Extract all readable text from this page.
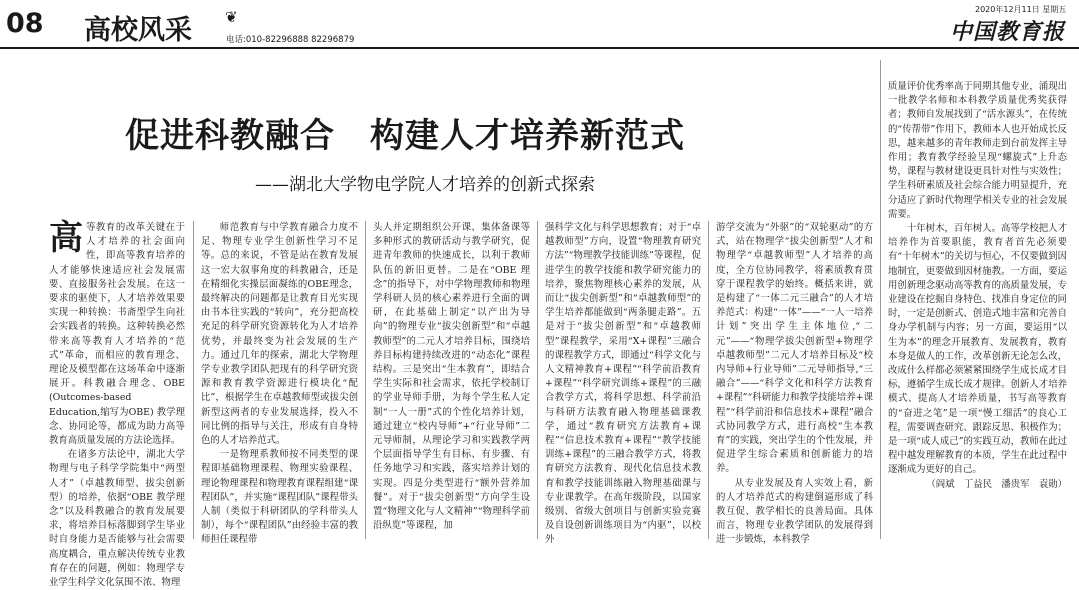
08 高校风采 ❦
电话:010-82296888 82296879
2020年12月11日 星期五
中国教育报
促进科教融合　构建人才培养新范式
——湖北大学物电学院人才培养的创新式探索

高等教育的改革关键在于人才培养的社会面向性，即高等教育培养的人才能够快速适应社会发展需要、直接服务社会发展。在这一要求的驱使下，人才培养效果要实现一种转换：书斋型学生向社会实践者的转换。这种转换必然带来高等教育人才培养的“范式”革命，而相应的教育理念、理论及模型都在这场革命中逐渐展开。科教融合理念、OBE (Outcomes-based Education,缩写为OBE) 教学理念、协同论等，都成为助力高等教育高质量发展的方法论选择。

在诸多方法论中，湖北大学物理与电子科学学院集中“两型人才”（卓越教师型、拔尖创新型）的培养，依据“OBE 教学理念”以及科教融合的教育发展要求，将培养目标落脚到学生毕业时自身能力是否能够与社会需要高度耦合，重点解决传统专业教育存在的问题，例如：物理学专业学生科学文化氛围不浓、物理

师范教育与中学教育融合力度不足、物理专业学生创新性学习不足等。总的来说，不管是站在教育发展这一宏大叙事角度的科教融合，还是在精细化实操层面凝练的OBE理念，最终解决的问题都是让教育目光实现由书本往实践的“转向”，充分把高校充足的科学研究资源转化为人才培养优势，并最终变为社会发展的生产力。通过几年的探索，湖北大学物理学专业教学团队把现有的科学研究资源和教育教学资源进行模块化“配比”，根据学生在卓越教师型或拔尖创新型这两者的专业发展选择，投入不同比例的指导与关注，形成有自身特色的人才培养范式。

一是物理系教师按不同类型的课程即基础物理课程、物理实验课程、理论物理课程和物理教育课程组建“课程团队”，并实施“课程团队”课程带头人制（类似于科研团队的学科带头人制），每个“课程团队”由经验丰富的教师担任课程带

头人并定期组织公开课、集体备课等多种形式的教研活动与教学研究，促进青年教师的快速成长，以利于教师队伍的新旧更替。二是在“OBE 理念”的指导下，对中学物理教师和物理学科研人员的核心素养进行全面的调研，在此基础上制定“以产出为导向”的物理专业“拔尖创新型”和“卓越教师型”的二元人才培养目标，围绕培养目标构建持续改进的“动态化”课程结构。三是突出“生本教育”，即结合学生实际和社会需求，依托学校制订的学业导师手册，为每个学生私人定制“一人一册”式的个性化培养计划，通过建立“校内导师”+“行业导师”二元导师制，从理论学习和实践教学两个层面指导学生有目标、有步骤、有任务地学习和实践，落实培养计划的实现。四是分类型进行“额外营养加餐”。对于“拔尖创新型”方向学生设置“物理文化与人文精神”“物理科学前沿纵览”等课程，加

强科学文化与科学思想教育；对于“卓越教师型”方向，设置“物理教育研究方法”“物理教学技能训练”等课程，促进学生的教学技能和教学研究能力的培养，聚焦物理核心素养的发展，从而让“拔尖创新型”和“卓越教师型”的学生培养都能做到“两条腿走路”。五是对于“拔尖创新型”和“卓越教师型”课程教学，采用“X+课程”三融合的课程教学方式，即通过“科学文化与人文精神教育+课程”“科学前沿教育+课程”“科学研究训练+课程”的三融合教学方式，将科学思想、科学前沿与科研方法教育融入物理基础课教学，通过“教育研究方法教育+课程”“信息技术教育+课程”“教学技能训练+课程”的三融合教学方式，将教育研究方法教育、现代化信息技术教育和教学技能训练融入物理基础课与专业课教学。在高年级阶段，以国家级别、省级大创项目与创新实验竞赛及自设创新训练项目为“内驱”，以校外

游学交流为“外驱”的“双轮驱动”的方式，站在物理学“拔尖创新型”人才和物理学“卓越教师型”人才培养的高度，全方位协同教学，将素质教育贯穿于课程教学的始终。概括来讲，就是构建了“一体二元三融合”的人才培养范式：构建“一体”——“一人一培养计划”突出学生主体地位,“二元”——“物理学拔尖创新型+物理学卓越教师型”二元人才培养目标及“校内导师+行业导师”二元导师指导,“三融合”——“科学文化和科学方法教育+课程”“科研能力和教学技能培养+课程”“科学前沿和信息技术+课程”融合式协同教学方式，进行高校“生本教育”的实践，突出学生的个性发展，并促进学生综合素质和创新能力的培养。

从专业发展及育人实效上看，新的人才培养范式的构建倒逼形成了科教互促、教学相长的良善局面。具体而言，物理专业教学团队的发展得到进一步锻炼，本科教学

质量评价优秀率高于同期其他专业，涌现出一批教学名师和本科教学质量优秀奖获得者；教师自发展找到了“活水源头”，在传统的“传帮带”作用下，教师本人也开始成长反思，越来越多的青年教师走到台前发挥主导作用；教育教学经验呈现“螺旋式”上升态势，课程与教材建设更具针对性与实效性；学生科研素质及社会综合能力明显提升，充分适应了新时代物理学相关专业的社会发展需要。

十年树木，百年树人。高等学校把人才培养作为首要职能，教育者首先必须要有“十年树木”的关切与恒心，不仅要做到因地制宜，更要做到因材施教。一方面，要运用创新理念驱动高等教育的高质量发展，专业建设在挖掘自身特色、找准自身定位的同时，一定是创新式、创造式地丰富和完善自身办学机制与内容；另一方面，要运用“以生为本”的理念开展教育、发展教育，教育本身是做人的工作，改革创新无论怎么改，改成什么样都必须紧紧围绕学生成长成才目标，遵循学生成长成才规律。创新人才培养模式、提高人才培养质量，书写高等教育的“奋进之笔”是一项“慢工细活”的良心工程，需要调查研究、跟踪反思、积极作为；是一项“成人成己”的实践互动，教师在此过程中越发理解教育的本质，学生在此过程中逐渐成为更好的自己。

（阎斌　丁益民　潘贵军　袁勋）
